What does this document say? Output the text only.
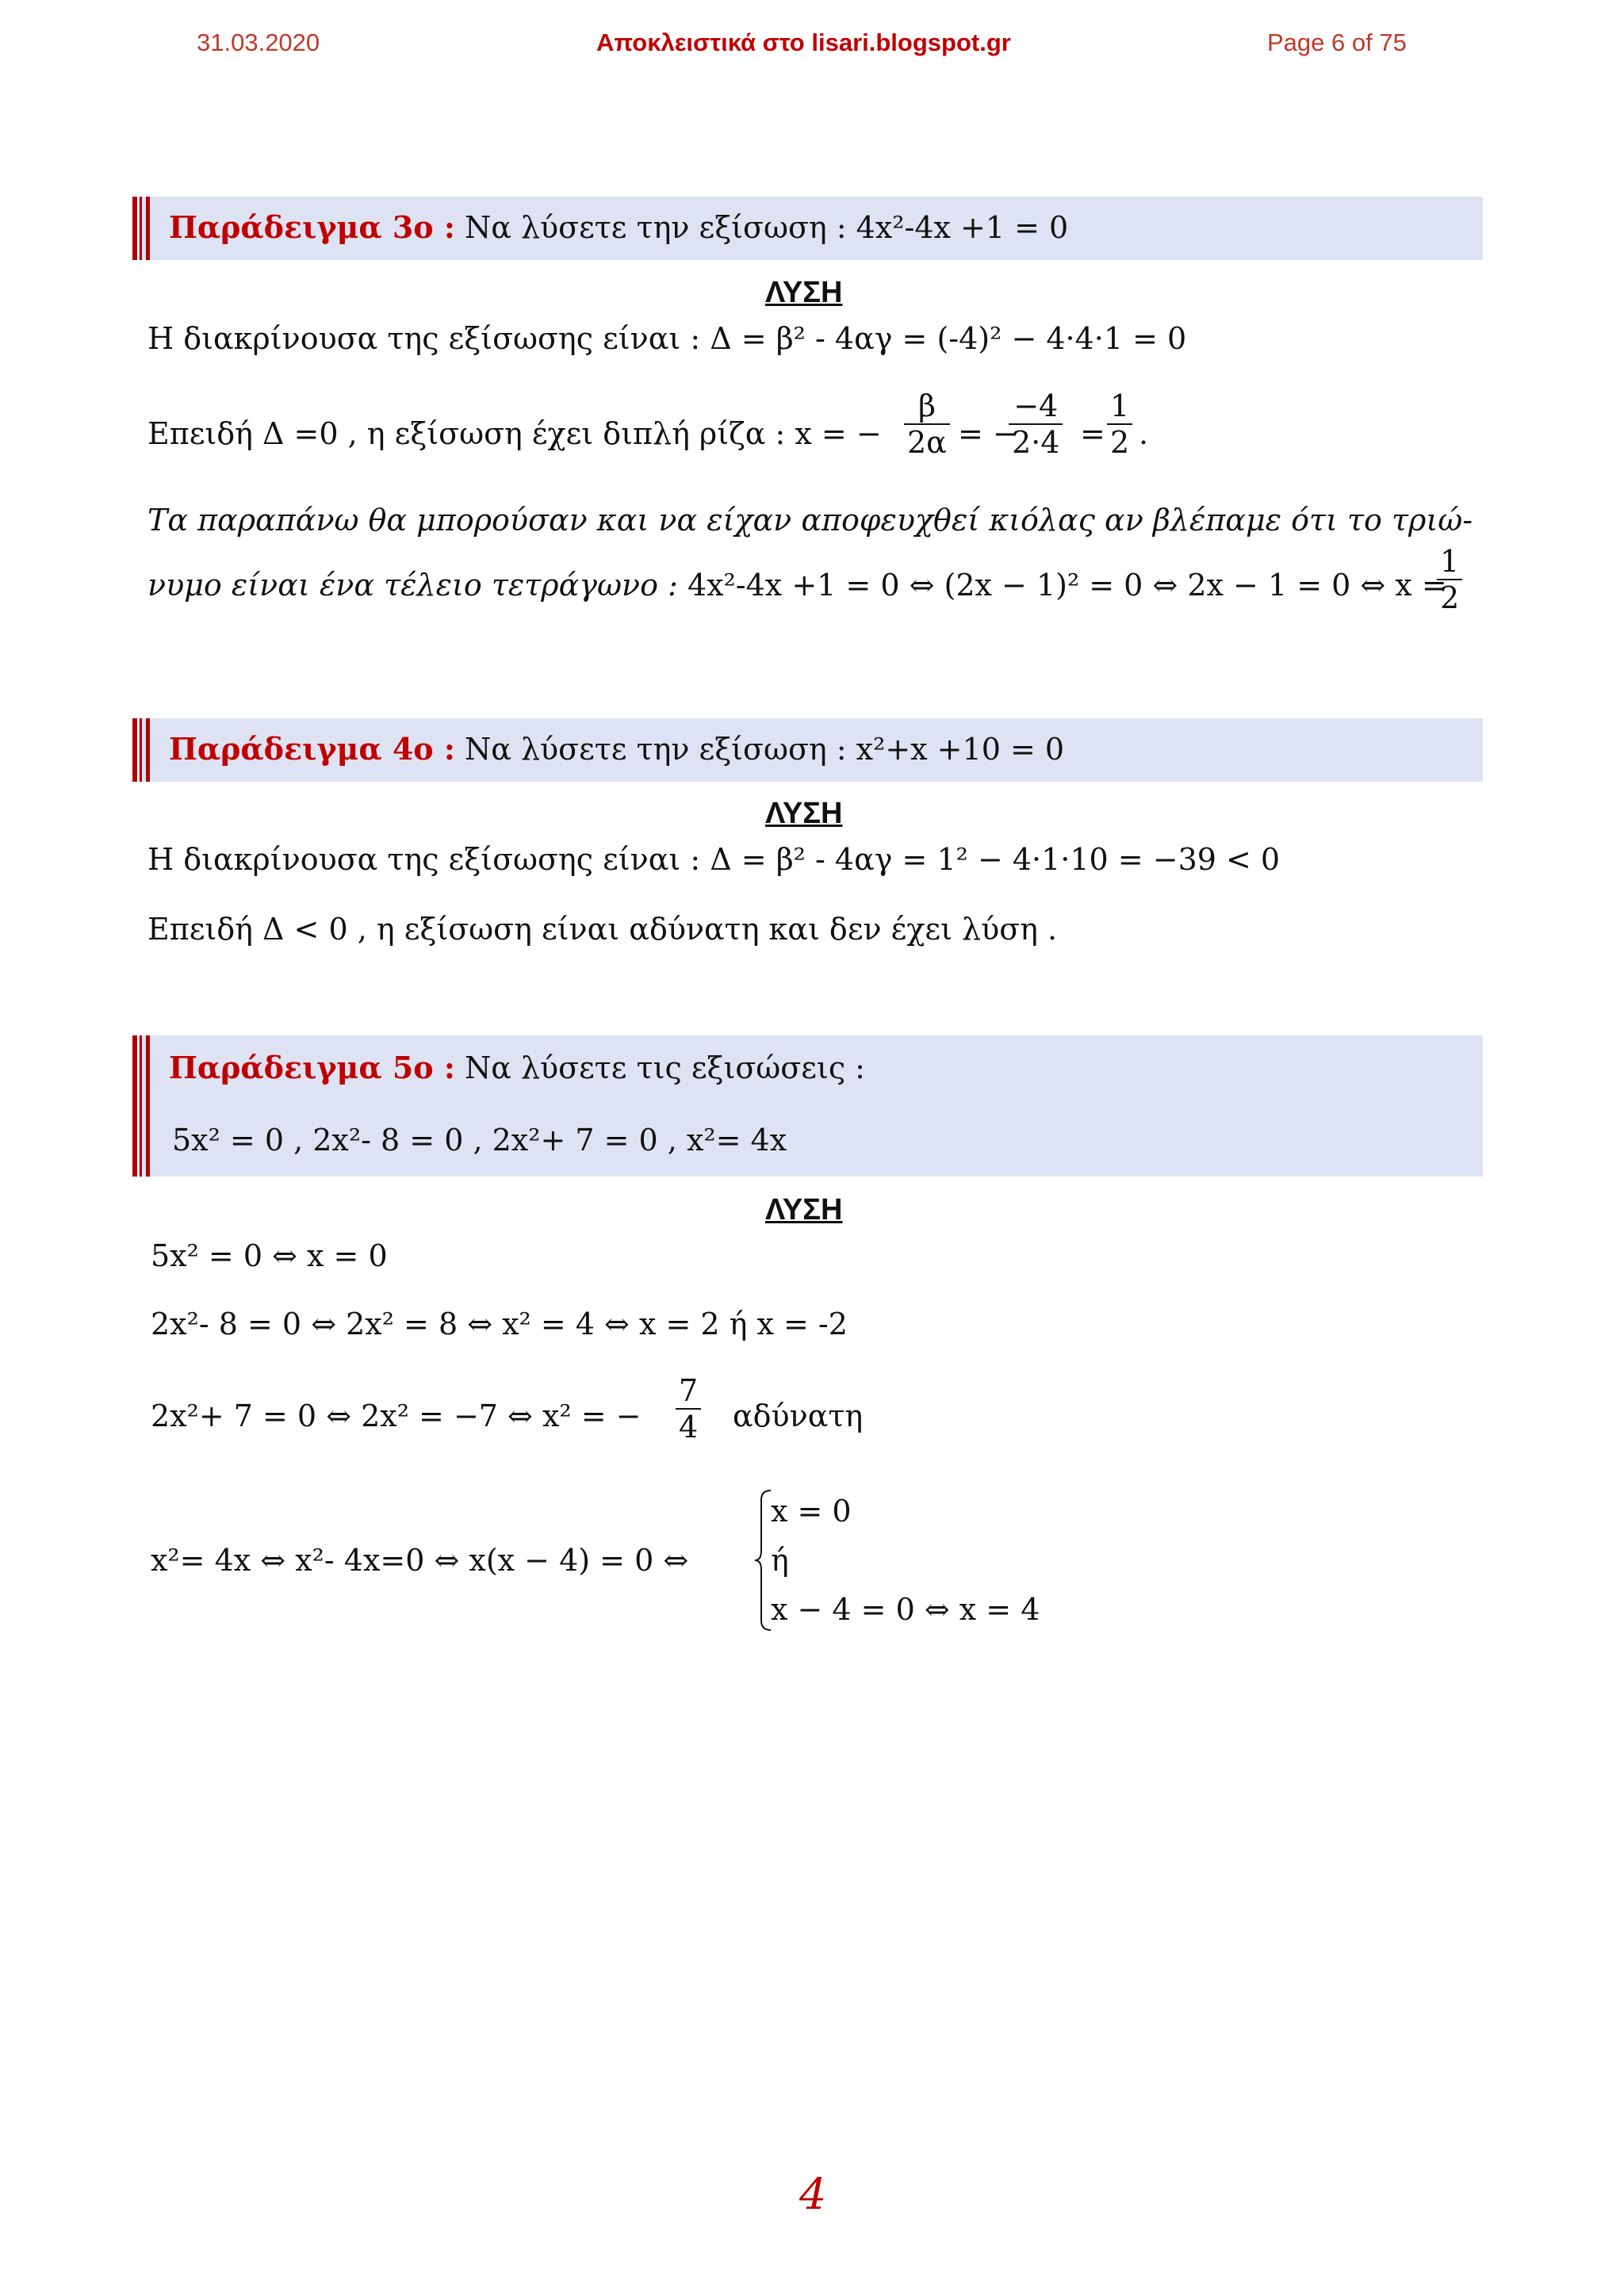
31.03.2020	Αποκλειστικά στο lisari.blogspot.gr	Page 6 of 75
Παράδειγμα 3ο : Να λύσετε την εξίσωση : 4x²-4x +1 = 0
ΛΥΣΗ
Η διακρίνουσα της εξίσωσης είναι : Δ = β² - 4αγ = (-4)² − 4·4·1 = 0
Επειδή Δ =0 , η εξίσωση έχει διπλή ρίζα : x = − $\frac{\beta}{2\alpha}$ = −
$\frac{-4}{2\cdot 4} = \frac{1}{2}$ .
Τα παραπάνω θα μπορούσαν και να είχαν αποφευχθεί κιόλας αν βλέπαμε ότι το τριώ-
νυμο είναι ένα τέλειο τετράγωνο : 4x²-4x +1 = 0 ⇔ (2x − 1)² = 0 ⇔ 2x − 1 = 0 ⇔ x =
$\frac{1}{2}$
Παράδειγμα 4ο : Να λύσετε την εξίσωση : x²+x +10 = 0
ΛΥΣΗ
Η διακρίνουσα της εξίσωσης είναι : Δ = β² - 4αγ = 1² − 4·1·10 = −39 < 0
Επειδή Δ < 0 , η εξίσωση είναι αδύνατη και δεν έχει λύση .
Παράδειγμα 5ο : Να λύσετε τις εξισώσεις :
5x² = 0 , 2x²- 8 = 0 , 2x²+ 7 = 0 , x²= 4x
ΛΥΣΗ
5x² = 0 ⇔ x = 0
2x²- 8 = 0 ⇔ 2x² = 8 ⇔ x² = 4 ⇔ x = 2 ή x = -2
2x²+ 7 = 0 ⇔ 2x² = −7 ⇔ x² = − $\frac{7}{4}$ αδύνατη
x²= 4x ⇔ x²- 4x=0 ⇔ x(x − 4) = 0 ⇔
x = 0
ή
x − 4 = 0 ⇔ x = 4
4
